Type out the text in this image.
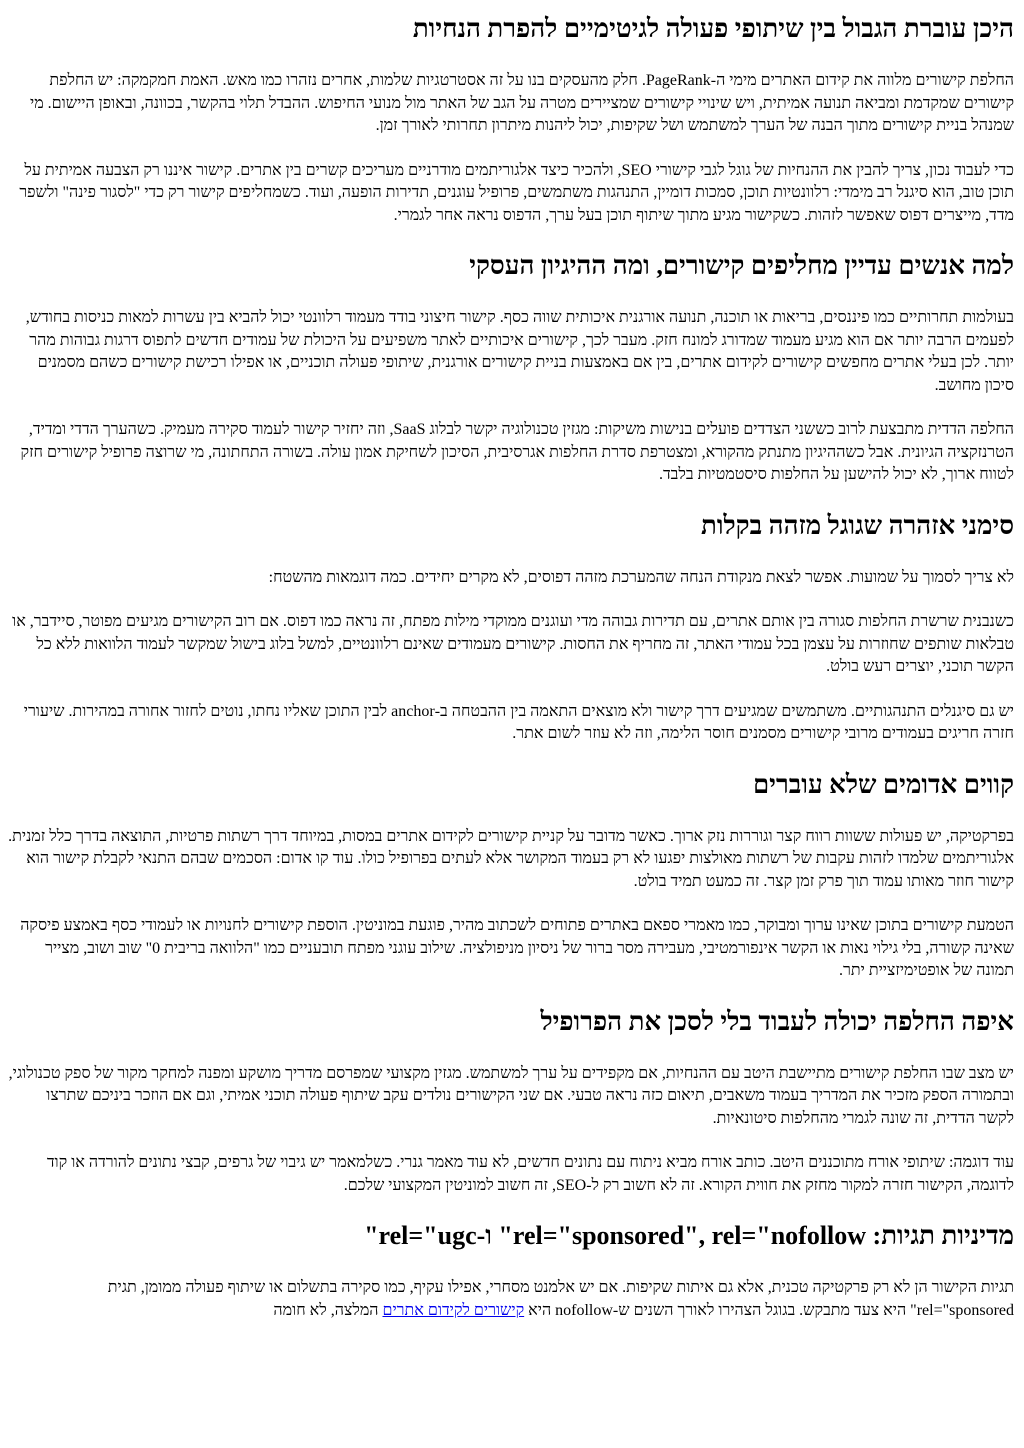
היכן עוברת הגבול בין שיתופי פעולה לגיטימיים להפרת הנחיות

החלפת קישורים מלווה את קידום האתרים מימי ה-PageRank. חלק מהעסקים בנו על זה אסטרטגיות שלמות, אחרים נזהרו כמו מאש. האמת חמקמקה: יש החלפת קישורים שמקדמת ומביאה תנועה אמיתית, ויש שינויי קישורים שמציירים מטרה על הגב של האתר מול מנועי החיפוש. ההבדל תלוי בהקשר, בכוונה, ובאופן היישום. מי שמנהל בניית קישורים מתוך הבנה של הערך למשתמש ושל שקיפות, יכול ליהנות מיתרון תחרותי לאורך זמן.

כדי לעבוד נכון, צריך להבין את ההנחיות של גוגל לגבי קישורי SEO, ולהכיר כיצד אלגוריתמים מודרניים מעריכים קשרים בין אתרים. קישור איננו רק הצבעה אמיתית על תוכן טוב, הוא סיגנל רב מימדי: רלוונטיות תוכן, סמכות דומיין, התנהגות משתמשים, פרופיל עוגנים, תדירות הופעה, ועוד. כשמחליפים קישור רק כדי "לסגור פינה" ולשפר מדד, מייצרים דפוס שאפשר לזהות. כשקישור מגיע מתוך שיתוף תוכן בעל ערך, הדפוס נראה אחר לגמרי.

למה אנשים עדיין מחליפים קישורים, ומה ההיגיון העסקי

בעולמות תחרותיים כמו פיננסים, בריאות או תוכנה, תנועה אורגנית איכותית שווה כסף. קישור חיצוני בודד מעמוד רלוונטי יכול להביא בין עשרות למאות כניסות בחודש, לפעמים הרבה יותר אם הוא מגיע מעמוד שמדורג למונח חזק. מעבר לכך, קישורים איכותיים לאתר משפיעים על היכולת של עמודים חדשים לתפוס דרגות גבוהות מהר יותר. לכן בעלי אתרים מחפשים קישורים לקידום אתרים, בין אם באמצעות בניית קישורים אורגנית, שיתופי פעולה תוכניים, או אפילו רכישת קישורים כשהם מסמנים סיכון מחושב.

החלפה הדדית מתבצעת לרוב כששני הצדדים פועלים בנישות משיקות: מגזין טכנולוגיה יקשר לבלוג SaaS, וזה יחזיר קישור לעמוד סקירה מעמיק. כשהערך הדדי ומדיד, הטרנזקציה הגיונית. אבל כשההיגיון מתנתק מהקורא, ומצטרפת סדרת החלפות אגרסיבית, הסיכון לשחיקת אמון עולה. בשורה התחתונה, מי שרוצה פרופיל קישורים חזק לטווח ארוך, לא יכול להישען על החלפות סיסטמטיות בלבד.

סימני אזהרה שגוגל מזהה בקלות

לא צריך לסמוך על שמועות. אפשר לצאת מנקודת הנחה שהמערכת מזהה דפוסים, לא מקרים יחידים. כמה דוגמאות מהשטח:

כשנבנית שרשרת החלפות סגורה בין אותם אתרים, עם תדירות גבוהה מדי ועוגנים ממוקדי מילות מפתח, זה נראה כמו דפוס. אם רוב הקישורים מגיעים מפוטר, סיידבר, או טבלאות שותפים שחוזרות על עצמן בכל עמודי האתר, זה מחריף את החסות. קישורים מעמודים שאינם רלוונטיים, למשל בלוג בישול שמקשר לעמוד הלוואות ללא כל הקשר תוכני, יוצרים רעש בולט.

יש גם סיגנלים התנהגותיים. משתמשים שמגיעים דרך קישור ולא מוצאים התאמה בין ההבטחה ב-anchor לבין התוכן שאליו נחתו, נוטים לחזור אחורה במהירות. שיעורי חזרה חריגים בעמודים מרובי קישורים מסמנים חוסר הלימה, וזה לא עוזר לשום אתר.

קווים אדומים שלא עוברים

בפרקטיקה, יש פעולות ששוות רווח קצר וגוררות נזק ארוך. כאשר מדובר על קניית קישורים לקידום אתרים במסות, במיוחד דרך רשתות פרטיות, התוצאה בדרך כלל זמנית. אלגוריתמים שלמדו לזהות עקבות של רשתות מאולצות יפגעו לא רק בעמוד המקושר אלא לעתים בפרופיל כולו. עוד קו אדום: הסכמים שבהם התנאי לקבלת קישור הוא קישור חוזר מאותו עמוד תוך פרק זמן קצר. זה כמעט תמיד בולט.

הטמעת קישורים בתוכן שאינו ערוך ומבוקר, כמו מאמרי ספאם באתרים פתוחים לשכתוב מהיר, פוגעת במוניטין. הוספת קישורים לחנויות או לעמודי כסף באמצע פיסקה שאינה קשורה, בלי גילוי נאות או הקשר אינפורמטיבי, מעבירה מסר ברור של ניסיון מניפולציה. שילוב עוגני מפתח תובעניים כמו "הלוואה בריבית 0" שוב ושוב, מצייר תמונה של אופטימיזציית יתר.

איפה החלפה יכולה לעבוד בלי לסכן את הפרופיל

יש מצב שבו החלפת קישורים מתיישבת היטב עם ההנחיות, אם מקפידים על ערך למשתמש. מגזין מקצועי שמפרסם מדריך מושקע ומפנה למחקר מקור של ספק טכנולוגי, ובתמורה הספק מזכיר את המדריך בעמוד משאבים, תיאום כזה נראה טבעי. אם שני הקישורים נולדים עקב שיתוף פעולה תוכני אמיתי, וגם אם הוזכר ביניכם שתרצו לקשר הדדית, זה שונה לגמרי מהחלפות סיטונאיות.

עוד דוגמה: שיתופי אורח מתוכננים היטב. כותב אורח מביא ניתוח עם נתונים חדשים, לא עוד מאמר גנרי. כשלמאמר יש גיבוי של גרפים, קבצי נתונים להורדה או קוד לדוגמה, הקישור חזרה למקור מחזק את חווית הקורא. זה לא חשוב רק ל-SEO, זה חשוב למוניטין המקצועי שלכם.

מדיניות תגיות: rel="sponsored", rel="nofollow" ו-rel="ugc"

תגיות הקישור הן לא רק פרקטיקה טכנית, אלא גם איתות שקיפות. אם יש אלמנט מסחרי, אפילו עקיף, כמו סקירה בתשלום או שיתוף פעולה ממומן, תגית rel="sponsored" היא צעד מתבקש. בגוגל הצהירו לאורך השנים ש-nofollow היא קישורים לקידום אתרים המלצה, לא חומה
